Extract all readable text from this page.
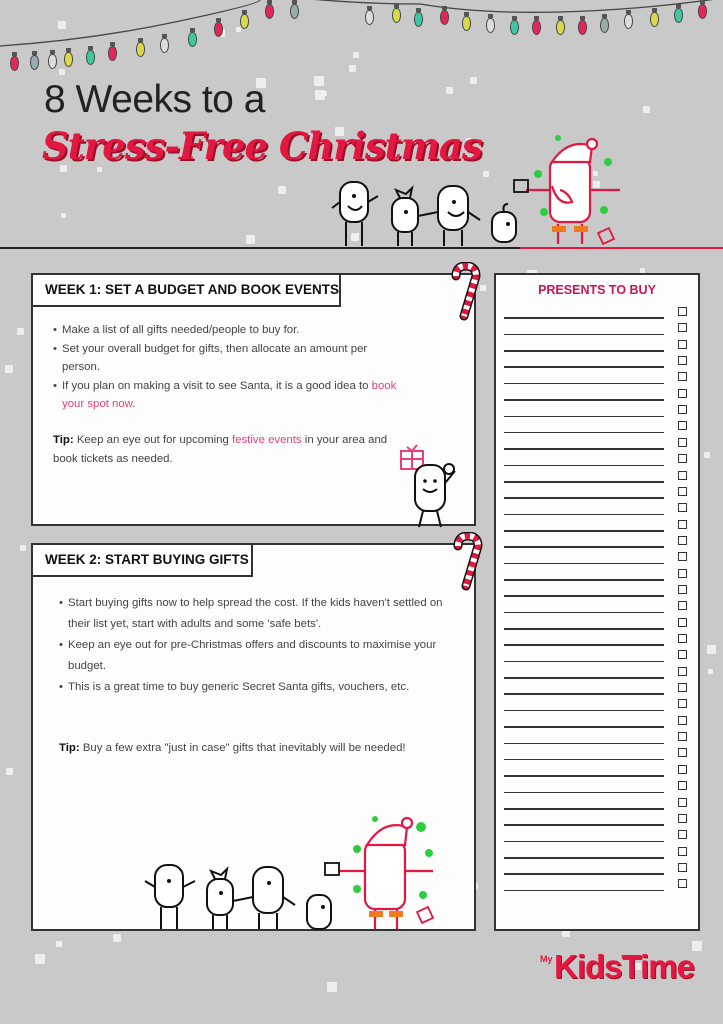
8 Weeks to a
Stress-Free Christmas
WEEK 1: SET A BUDGET AND BOOK EVENTS
• Make a list of all gifts needed/people to buy for.
• Set your overall budget for gifts, then allocate an amount per person.
• If you plan on making a visit to see Santa, it is a good idea to book your spot now.
Tip: Keep an eye out for upcoming festive events in your area and book tickets as needed.
WEEK 2: START BUYING GIFTS
• Start buying gifts now to help spread the cost. If the kids haven't settled on their list yet, start with adults and some 'safe bets'.
• Keep an eye out for pre-Christmas offers and discounts to maximise your budget.
• This is a great time to buy generic Secret Santa gifts, vouchers, etc.
Tip: Buy a few extra "just in case" gifts that inevitably will be needed!
PRESENTS TO BUY
My KidsTime
